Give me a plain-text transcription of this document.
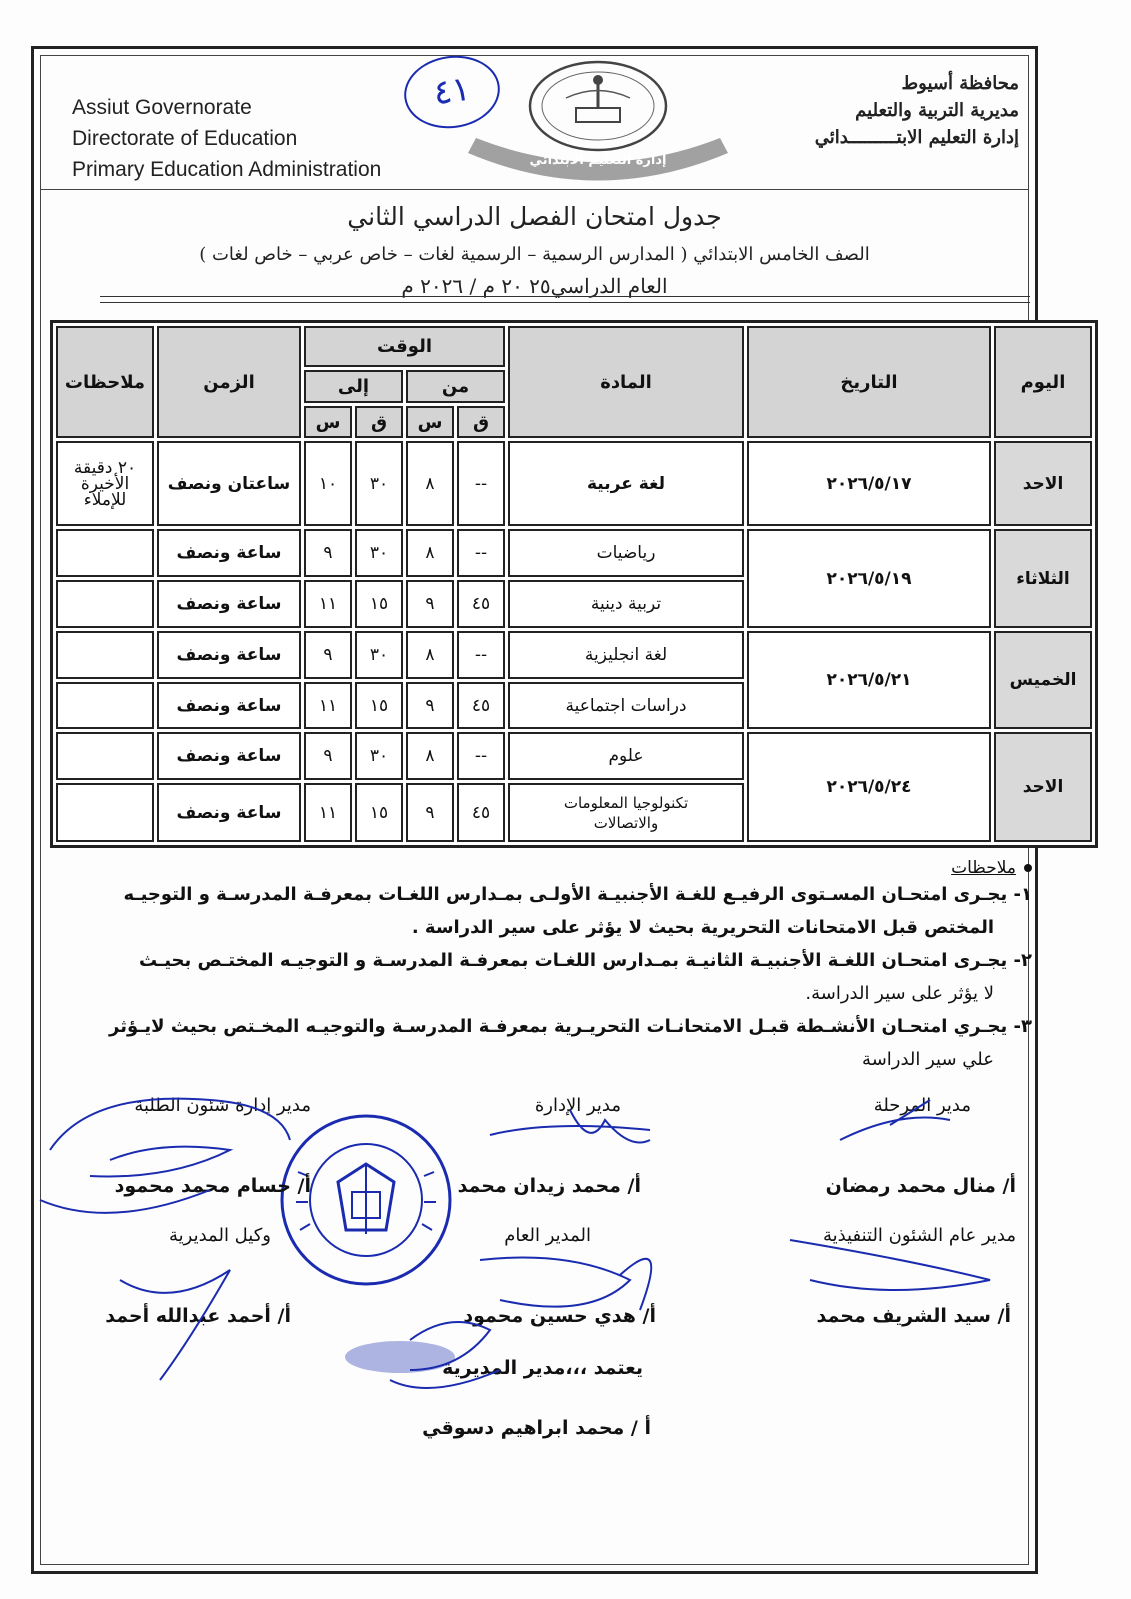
Assiut Governorate
Directorate of Education
Primary Education Administration
محافظة أسيوط
مديرية التربية والتعليم
إدارة التعليم الابتـــــــــدائي
٤١
إدارة التعليم الابتدائي
جدول امتحان الفصل الدراسي الثاني
الصف الخامس الابتدائي ( المدارس الرسمية – الرسمية لغات – خاص عربي – خاص لغات )
العام الدراسي٢٥ ٢٠ م / ٢٠٢٦ م
اليوم	التاريخ	المادة	الوقت				الزمن	ملاحظات
			من		إلى			
			ق	س	ق	س		
الاحد	٢٠٢٦/٥/١٧	لغة عربية	--	٨	٣٠	١٠	ساعتان ونصف	٢٠ دقيقة الأخيرة للإملاء
الثلاثاء	٢٠٢٦/٥/١٩	رياضيات	--	٨	٣٠	٩	ساعة ونصف	
		تربية دينية	٤٥	٩	١٥	١١	ساعة ونصف	
الخميس	٢٠٢٦/٥/٢١	لغة انجليزية	--	٨	٣٠	٩	ساعة ونصف	
		دراسات اجتماعية	٤٥	٩	١٥	١١	ساعة ونصف	
الاحد	٢٠٢٦/٥/٢٤	علوم	--	٨	٣٠	٩	ساعة ونصف	
		تكنولوجيا المعلومات والاتصالات	٤٥	٩	١٥	١١	ساعة ونصف	
ملاحظات

١- يجـرى امتحـان المسـتوى الرفيـع للغـة الأجنبيـة الأولـى بمـدارس اللغـات بمعرفـة المدرسـة و التوجيـه

المختص قبل الامتحانات التحريرية بحيث لا يؤثر على سير الدراسة .

٢- يجـرى امتحـان اللغـة الأجنبيـة الثانيـة بمـدارس اللغـات بمعرفـة المدرسـة و التوجيـه المختـص بحيـث

لا يؤثر على سير الدراسة.

٣- يجـري امتحـان الأنشـطة قبـل الامتحانـات التحريـرية بمعرفـة المدرسـة والتوجيـه المخـتص بحيث لايـؤثر

علي سير الدراسة

مدير المرحلة
مدير الإدارة
مدير إدارة شئون الطلبة
أ/ منال محمد رمضان
أ/ محمد زيدان محمد
أ/ حسام محمد محمود
مدير عام الشئون التنفيذية
المدير العام
وكيل المديرية
أ/ سيد الشريف محمد
أ/ هدي حسين محمود
أ/ أحمد عبدالله أحمد
يعتمد ،،،مدير المديرية
أ / محمد ابراهيم دسوقي
